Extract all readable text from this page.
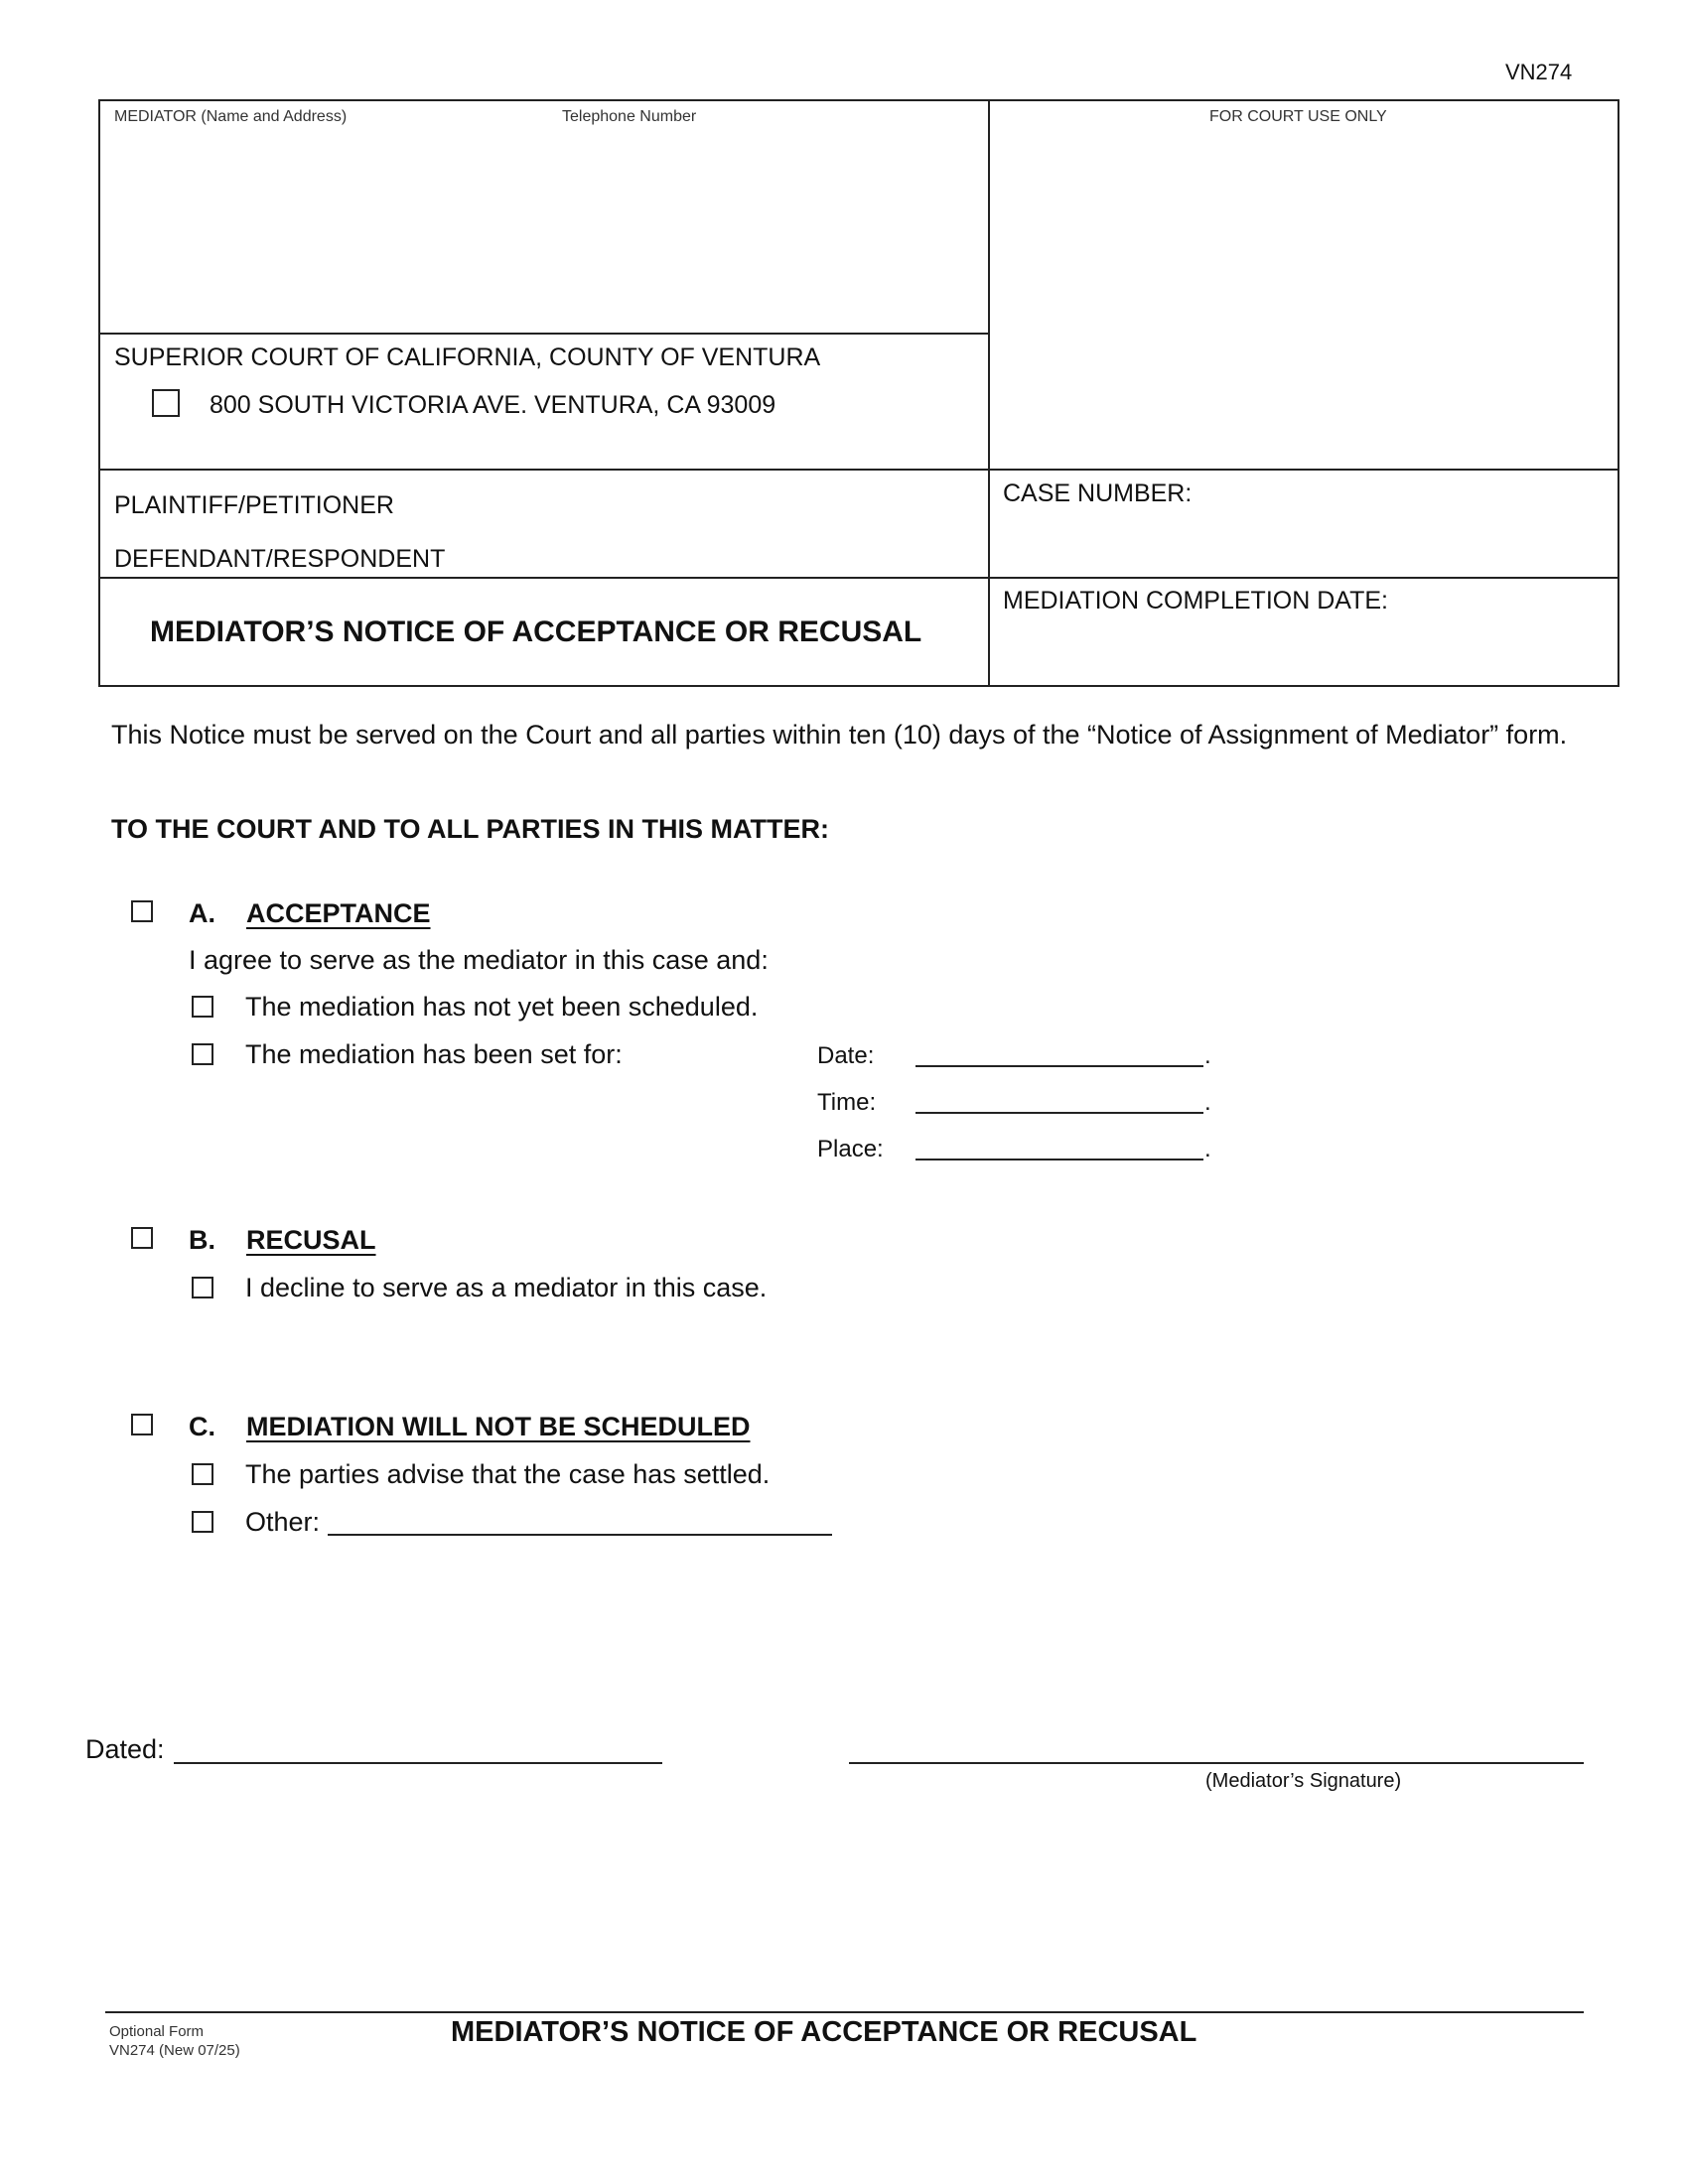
VN274
MEDIATOR (Name and Address)	Telephone Number	FOR COURT USE ONLY
SUPERIOR COURT OF CALIFORNIA, COUNTY OF VENTURA
800 SOUTH VICTORIA AVE. VENTURA, CA 93009
PLAINTIFF/PETITIONER
DEFENDANT/RESPONDENT
CASE NUMBER:
MEDIATOR’S NOTICE OF ACCEPTANCE OR RECUSAL
MEDIATION COMPLETION DATE:
This Notice must be served on the Court and all parties within ten (10) days of the “Notice of Assignment of Mediator” form.
TO THE COURT AND TO ALL PARTIES IN THIS MATTER:
A. ACCEPTANCE
I agree to serve as the mediator in this case and:
The mediation has not yet been scheduled.
The mediation has been set for:	Date:	.
Time:	.
Place:	.
B. RECUSAL
I decline to serve as a mediator in this case.
C. MEDIATION WILL NOT BE SCHEDULED
The parties advise that the case has settled.
Other:
Dated:
(Mediator’s Signature)
Optional Form
VN274 (New 07/25)
MEDIATOR’S NOTICE OF ACCEPTANCE OR RECUSAL
